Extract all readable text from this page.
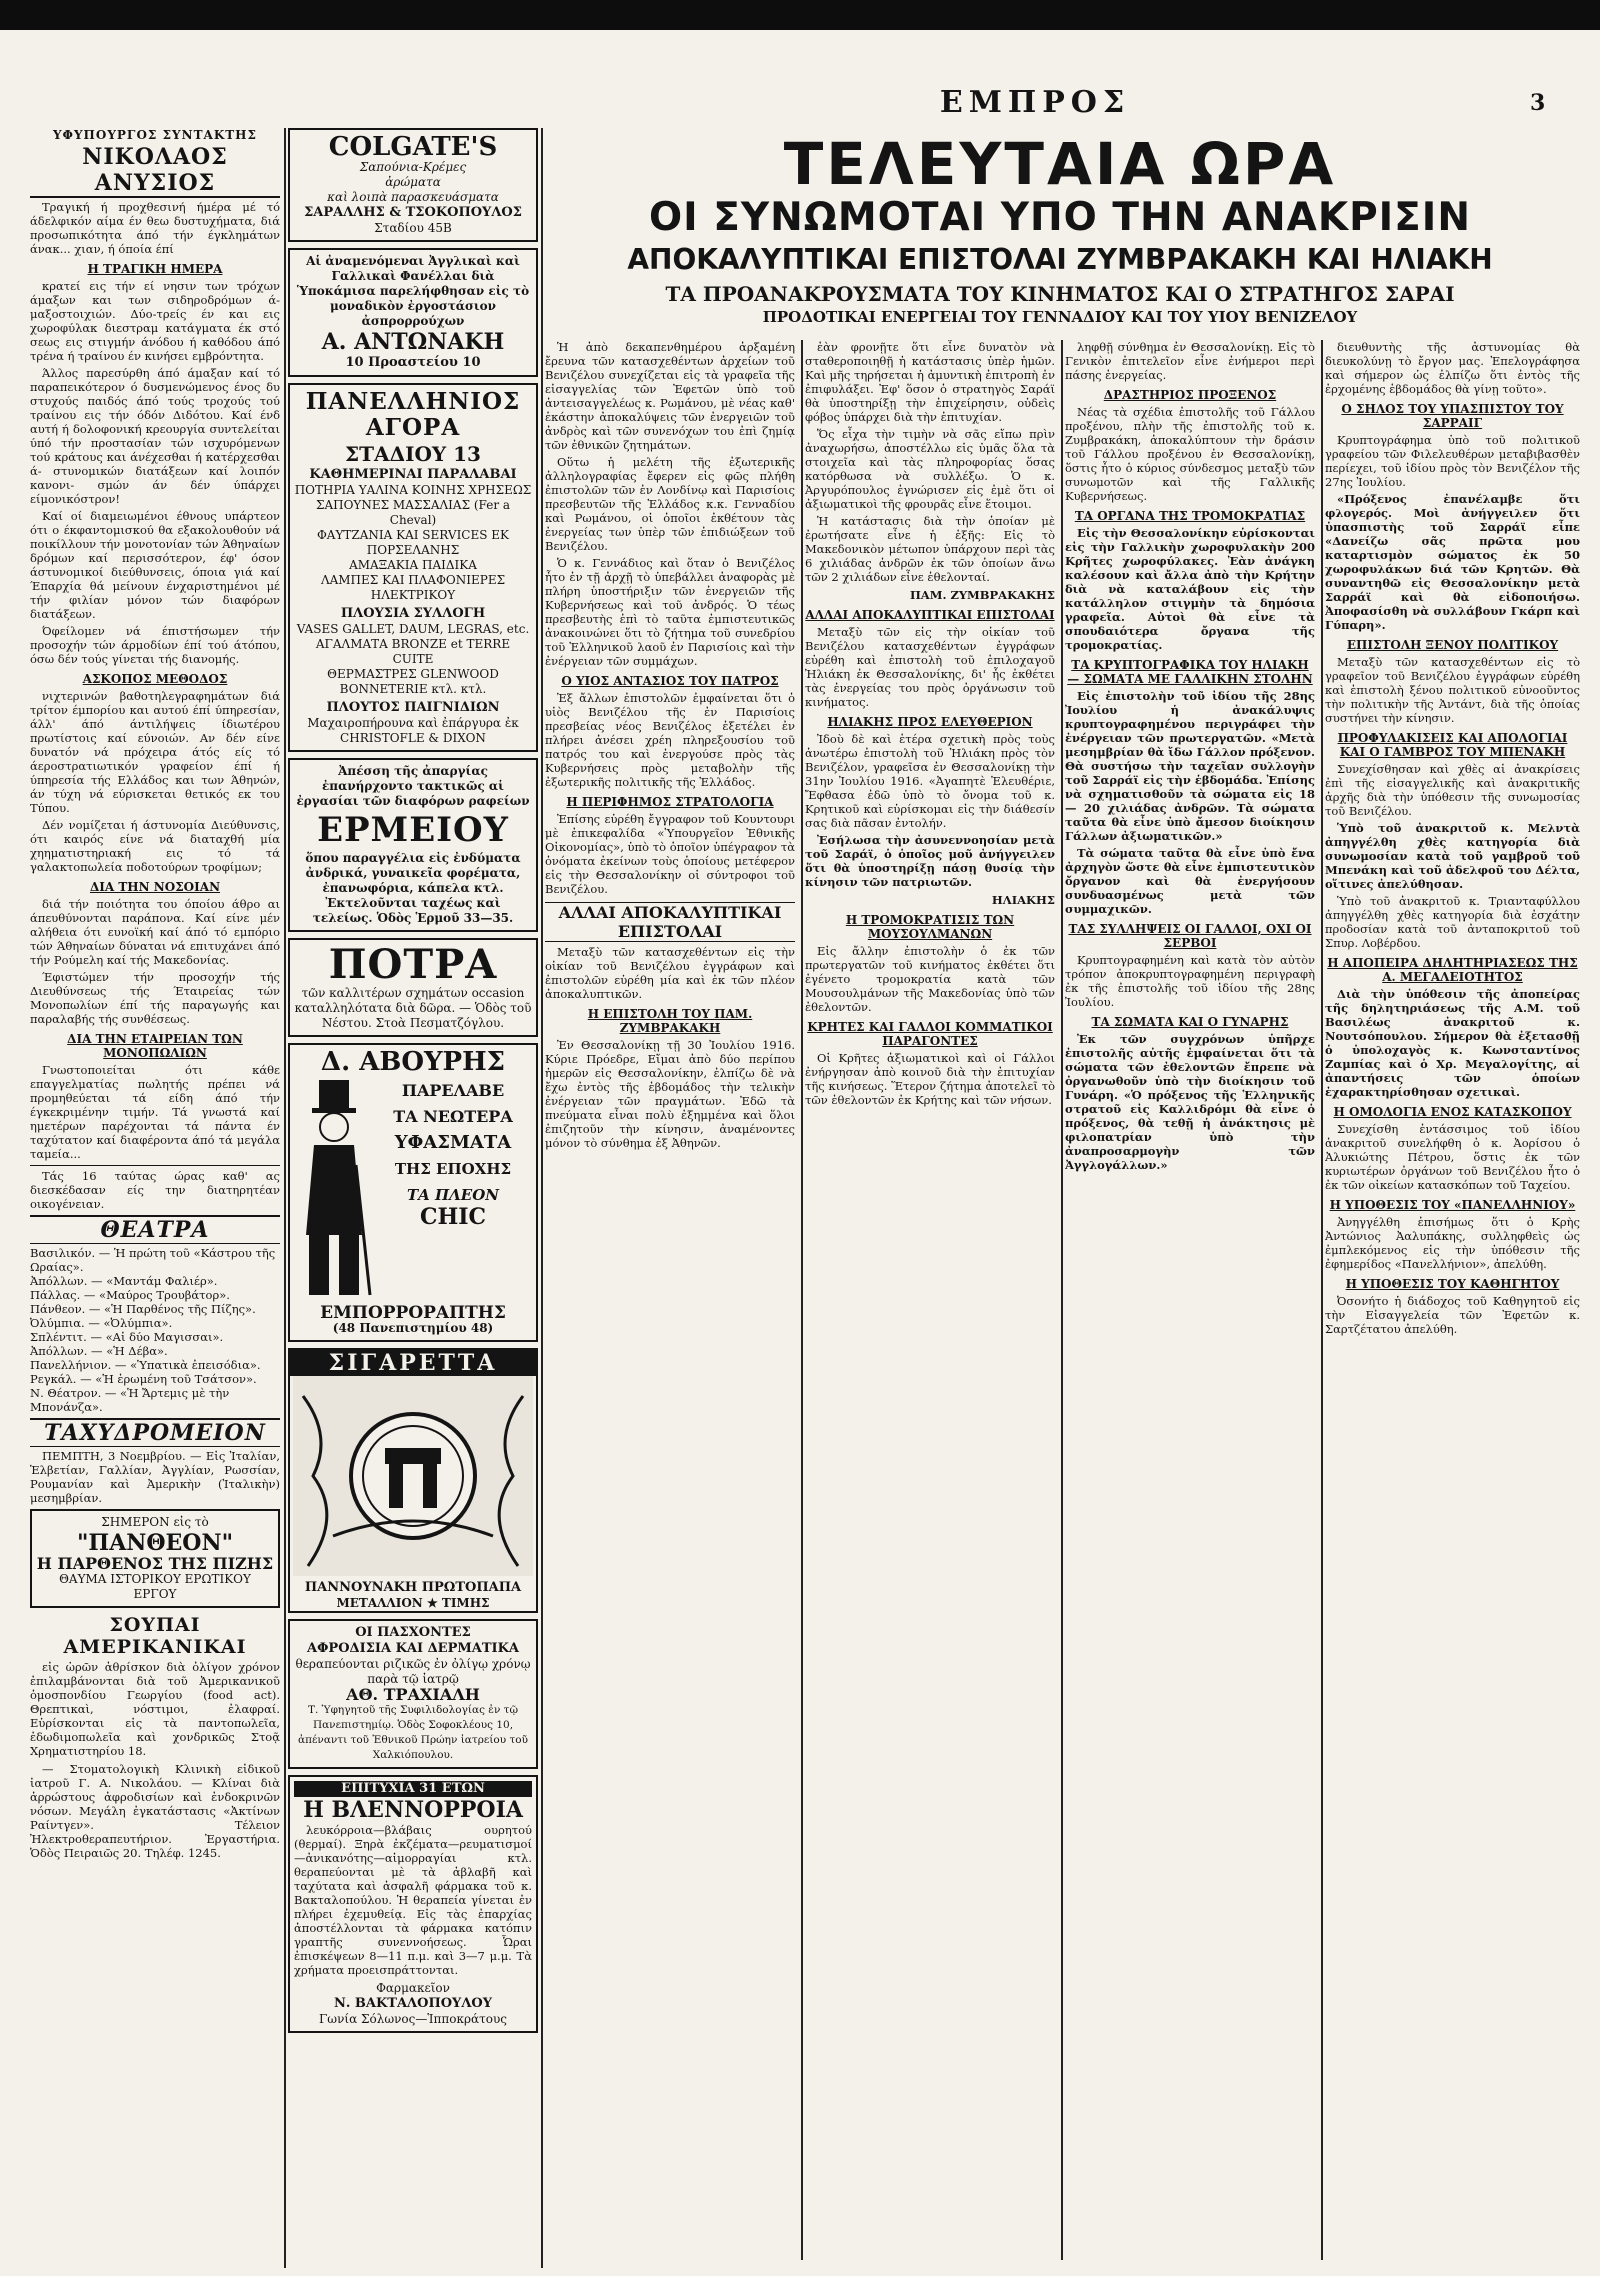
ΕΜΠΡΟΣ	3
ΥΦΥΠΟΥΡΓΟΣ ΣΥΝΤΑΚΤΗΣ
ΝΙΚΟΛΑΟΣ ΑΝΥΣΙΟΣ

Τραγική ή προχθεσινή ήμέρα μέ τό άδελφικόν αίμα έν θεω δυστυχήματα, διά προσωπικότητα άπό τήν έγκλημάτων άνακ... χιαν, ή όποία έπί

Η ΤΡΑΓΙΚΗ ΗΜΕΡΑ

κρατεί εις τήν εί νησιν των τρόχων άμαξων και των σιδηροδρόμων ά- μαξοστοιχιών. Δύο-τρείς έν και εις χωροφύλακ διεστραμ κατάγματα έκ στό σεως εις στιγμήν άνόδου ή καθόδου άπό τρένα ή τραίνου έν κινήσει εμβρόντητα.

Άλλος παρεσύρθη άπό άμαξαν καί τό παραπεικότερον ό δυσμενώμενος ένος δυ στυχούς παιδός άπό τούς τροχούς τού τραίνου εις τήν όδόν Διδότου. Καί ένδ αυτή ή δολοφονική κρεουργία συντελείται ύπό τήν προστασίαν τών ισχυρόμενων τού κράτους και άνέχεσθαι ή κατέρχεσθαι ά- στυνομικών διατάξεων καί λοιπόν κανονι- σμών άν δέν ύπάρχει είμονικόστρον!

Καί οί διαμειωμένοι έθνους υπάρτεον ότι ο έκφαντομισκού θα εξακολουθούν νά ποικίλλουν τήν μονοτονίαν τών Άθηναίων δρόμων καί περισσότερον, έφ' όσον άστυνομικοί διεύθυνσεις, όποια γιά καί Έπαρχία θά μείνουν ένχαριστημένοι μέ τήν φιλίαν μόνον τών διαφόρων διατάξεων.

Όφείλομεν νά έπιστήσωμεν τήν προσοχήν τών άρμοδίων έπί τού άτόπου, όσω δέν τούς γίνεται τής διανομής.

ΑΣΚΟΠΟΣ ΜΕΘΟΔΟΣ

νιχτερινών βαθοτηλεγραφημάτων διά τρίτον έμπορίου και αυτού έπί ύπηρεσίαν, άλλ' άπό άντιλήψεις ίδιωτέρου πρωτίστοις καί εύνοιών. Αν δέν είνε δυνατόν νά πρόχειρα άτός είς τό άεροστρατιωτικόν γραφείον έπί ή ύπηρεσία τής Ελλάδος και των Άθηνών, άν τύχη νά εύρισκεται θετικός εκ του Τύπου.

Δέν νομίζεται ή άστυνομία Διεύθυνσις, ότι καιρός είνε νά διαταχθή μία χηηματιστηριακή εις τό τά γαλακτοπωλεία ποδοτούρων τροφίμων;

ΔΙΑ ΤΗΝ ΝΟΣΟΙΑΝ

διά τήν ποιότητα του όποίου άθρο αι άπευθύνονται παράπονα. Καί είνε μέν αλήθεια ότι ευνοϊκή καί άπό τό εμπόριο τών Άθηναίων δύναται νά επιτυχάνει άπό τήν Ρούμελη καί τής Μακεδονίας.

Έφιστώμεν τήν προσοχήν τής Διευθύνσεως τής Έταιρείας τών Μονοπωλίων έπί τής παραγωγής και παραλαβής τής συνθέσεως.

ΔΙΑ ΤΗΝ ΕΤΑΙΡΕΙΑΝ ΤΩΝ ΜΟΝΟΠΩΛΙΩΝ

Γνωστοποιείται ότι κάθε επαγγελματίας πωλητής πρέπει νά προμηθεύεται τά είδη άπό τήν έγκεκριμένην τιμήν. Τά γνωστά καί ημετέρων παρέχονται τά πάντα έν ταχύτατον καί διαφέροντα άπό τά μεγάλα ταμεία...

Τάς 16 ταύτας ώρας καθ' ας διεσκέδασαν είς την διατηρητέαν οικογένειαν.

ΘΕΑΤΡΑ
Βασιλικόν. — Ἡ πρώτη τοῦ «Κάστρου τῆς Ωραίας».
Ἀπόλλων. — «Μαντάμ Φαλιέρ».
Πάλλας. — «Μαύρος Τρουβάτορ».
Πάνθεον. — «Ἡ Παρθένος τῆς Πίζης».
Ὀλύμπια. — «Ὀλύμπια».
Σπλέντιτ. — «Αἱ δύο Μαγισσαι».
Ἀπόλλων. — «Ἡ Δέβα».
Πανελλήνιον. — «Ὑπατικὰ ἐπεισόδια».
Ρεγκάλ. — «Ἡ ἐρωμένη τοῦ Τσάτσον».
Ν. Θέατρον. — «Ἡ Ἄρτεμις μὲ τὴν Μπονάνζα».
ΤΑΧΥΔΡΟΜΕΙΟΝ

ΠΕΜΠΤΗ, 3 Νοεμβρίου. — Εἰς Ἰταλίαν, Ἑλβετίαν, Γαλλίαν, Ἀγγλίαν, Ρωσσίαν, Ρουμανίαν καὶ Ἀμερικὴν (Ἰταλικὴν) μεσημβρίαν.

ΣΗΜΕΡΟΝ εἰς τὸ
"ΠΑΝΘΕΟΝ"
Η ΠΑΡΘΕΝΟΣ ΤΗΣ ΠΙΖΗΣ
ΘΑΥΜΑ ΙΣΤΟΡΙΚΟΥ ΕΡΩΤΙΚΟΥ ΕΡΓΟΥ
ΣΟΥΠΑΙ ΑΜΕΡΙΚΑΝΙΚΑΙ

εἰς ὠρῶν ἀθρίσκον διὰ ὀλίγον χρόνον ἐπιλαμβάνονται διὰ τοῦ Ἀμερικανικοῦ ὁμοσπονδίου Γεωργίου (food act). Θρεπτικαὶ, νόστιμοι, ἐλαφραί. Εὑρίσκονται εἰς τὰ παντοπωλεῖα, ἐδωδιμοπωλεῖα καὶ χονδρικῶς Στοᾷ Χρηματιστηρίου 18.

— Στοματολογικὴ Κλινικὴ εἰδικοῦ ἰατροῦ Γ. Α. Νικολάου. — Κλίναι διὰ ἀρρώστους ἀφροδισίων καὶ ἐνδοκρινῶν νόσων. Μεγάλη ἐγκατάστασις «Ἀκτίνων Ραίντγεν». Τέλειον Ἠλεκτροθεραπευτήριον. Ἐργαστήρια. Ὁδὸς Πειραιῶς 20. Τηλέφ. 1245.

COLGATE'S
Σαπούνια-Κρέμες
ἀρώματα
καὶ λοιπὰ παρασκευάσματα
ΣΑΡΑΛΛΗΣ & ΤΣΟΚΟΠΟΥΛΟΣ
Σταδίου 45Β
Αἱ ἀναμενόμεναι Ἀγγλικαὶ καὶ Γαλλικαὶ Φανέλλαι διὰ Ὑποκάμισα παρελήφθησαν εἰς τὸ μοναδικὸν ἐργοστάσιον ἀσπρορρούχων
Α. ΑΝΤΩΝΑΚΗ
10 Προαστείου 10
ΠΑΝΕΛΛΗΝΙΟΣ ΑΓΟΡΑ
ΣΤΑΔΙΟΥ 13
ΚΑΘΗΜΕΡΙΝΑΙ ΠΑΡΑΛΑΒΑΙ
ΠΟΤΗΡΙΑ ΥΑΛΙΝΑ ΚΟΙΝΗΣ ΧΡΗΣΕΩΣ
ΣΑΠΟΥΝΕΣ ΜΑΣΣΑΛΙΑΣ (Fer a Cheval)
ΦΑΥΤΖΑΝΙΑ ΚΑΙ SERVICES ΕΚ ΠΟΡΣΕΛΑΝΗΣ
ΑΜΑΞΑΚΙΑ ΠΑΙΔΙΚΑ
ΛΑΜΠΕΣ ΚΑΙ ΠΛΑΦΟΝΙΕΡΕΣ ΗΛΕΚΤΡΙΚΟΥ
ΠΛΟΥΣΙΑ ΣΥΛΛΟΓΗ
VASES GALLET, DAUM, LEGRAS, etc.
ΑΓΑΛΜΑΤΑ BRONZE et TERRE CUITE
ΘΕΡΜΑΣΤΡΕΣ GLENWOOD
BONNETERIE κτλ. κτλ.
ΠΛΟΥΤΟΣ ΠΑΙΓΝΙΔΙΩΝ
Μαχαιροπήρουνα καὶ ἐπάργυρα ἐκ CHRISTOFLE & DIXON
Ἀπέσση τῆς ἀπαργίας ἐπανήρχοντο τακτικῶς αἱ ἐργασίαι τῶν διαφόρων ραφείων
ΕΡΜΕΙΟΥ
ὅπου παραγγέλια εἰς ἐνδύματα ἀνδρικά, γυναικεῖα φορέματα, ἐπανωφόρια, κάπελα κτλ. Ἐκτελοῦνται ταχέως καὶ τελείως. Ὁδὸς Ἑρμοῦ 33—35.
ΠΟΤΡΑ
τῶν καλλιτέρων σχημάτων occasion καταλληλότατα διὰ δῶρα. — Ὁδὸς τοῦ Νέστου. Στοὰ Πεσματζόγλου.
Δ. ΑΒΟΥΡΗΣ
ΠΑΡΕΛΑΒΕ
ΤΑ ΝΕΩΤΕΡΑ
ΥΦΑΣΜΑΤΑ
ΤΗΣ ΕΠΟΧΗΣ
ΤΑ ΠΛΕΟΝ
CHIC
ΕΜΠΟΡΡΟΡΑΠΤΗΣ
(48 Πανεπιστημίου 48)
ΣΙΓΑΡΕΤΤΑ
ΠΑΝΝΟΥΝΑΚΗ ΠΡΩΤΟΠΑΠΑ
ΜΕΤΑΛΛΙΟΝ ★ ΤΙΜΗΣ
ΟΙ ΠΑΣΧΟΝΤΕΣ
ΑΦΡΟΔΙΣΙΑ ΚΑΙ ΔΕΡΜΑΤΙΚΑ
θεραπεύονται ριζικῶς ἐν ὀλίγῳ χρόνῳ παρὰ τῷ ἰατρῷ
ΑΘ. ΤΡΑΧΙΑΛΗ
Τ. Ὑφηγητοῦ τῆς Συφιλιδολογίας ἐν τῷ Πανεπιστημίῳ. Ὁδὸς Σοφοκλέους 10, ἀπέναντι τοῦ Ἐθνικοῦ Πρώην ἰατρείου τοῦ Χαλκιόπουλου.
ΕΠΙΤΥΧΙΑ 31 ΕΤΩΝ
Η ΒΛΕΝΝΟΡΡΟΙΑ

λευκόρροια—βλάβαις ουρητού (θερμαί). Ξηρὰ ἐκζέματα—ρευματισμοί—ἀνικανότης—αἱμορραγίαι κτλ. θεραπεύονται μὲ τὰ ἀβλαβῆ καὶ ταχύτατα καὶ ἀσφαλῆ φάρμακα τοῦ κ. Βακταλοπούλου. Ἡ θεραπεία γίνεται ἐν πλήρει ἐχεμυθείᾳ. Εἰς τὰς ἐπαρχίας ἀποστέλλονται τὰ φάρμακα κατόπιν γραπτῆς συνεννοήσεως. Ὧραι ἐπισκέψεων 8—11 π.μ. καὶ 3—7 μ.μ. Τὰ χρήματα προεισπράττονται.

Φαρμακεῖον
Ν. ΒΑΚΤΑΛΟΠΟΥΛΟΥ
Γωνία Σόλωνος—Ἱπποκράτους
ΤΕΛΕΥΤΑΙΑ ΩΡΑ
ΟΙ ΣΥΝΩΜΟΤΑΙ ΥΠΟ ΤΗΝ ΑΝΑΚΡΙΣΙΝ
ΑΠΟΚΑΛΥΠΤΙΚΑΙ ΕΠΙΣΤΟΛΑΙ ΖΥΜΒΡΑΚΑΚΗ ΚΑΙ ΗΛΙΑΚΗ
ΤΑ ΠΡΟΑΝΑΚΡΟΥΣΜΑΤΑ ΤΟΥ ΚΙΝΗΜΑΤΟΣ ΚΑΙ Ο ΣΤΡΑΤΗΓΟΣ ΣΑΡΑΙ
ΠΡΟΔΟΤΙΚΑΙ ΕΝΕΡΓΕΙΑΙ ΤΟΥ ΓΕΝΝΑΔΙΟΥ ΚΑΙ ΤΟΥ ΥΙΟΥ ΒΕΝΙΖΕΛΟΥ

Ἡ ἀπὸ δεκαπενθημέρου ἀρξαμένη ἔρευνα τῶν κατασχεθέντων ἀρχείων τοῦ Βενιζέλου συνεχίζεται εἰς τὰ γραφεῖα τῆς εἰσαγγελίας τῶν Ἐφετῶν ὑπὸ τοῦ ἀντεισαγγελέως κ. Ρωμάνου, μὲ νέας καθ' ἑκάστην ἀποκαλύψεις τῶν ἐνεργειῶν τοῦ ἀνδρὸς καὶ τῶν συνενόχων του ἐπὶ ζημίᾳ τῶν ἐθνικῶν ζητημάτων.

Οὕτω ἡ μελέτη τῆς ἐξωτερικῆς ἀλληλογραφίας ἔφερεν εἰς φῶς πλήθη ἐπιστολῶν τῶν ἐν Λονδίνῳ καὶ Παρισίοις πρεσβευτῶν τῆς Ἑλλάδος κ.κ. Γενναδίου καὶ Ρωμάνου, οἱ ὁποῖοι ἐκθέτουν τὰς ἐνεργείας των ὑπὲρ τῶν ἐπιδιώξεων τοῦ Βενιζέλου.

Ὁ κ. Γεννάδιος καὶ ὅταν ὁ Βενιζέλος ἦτο ἐν τῇ ἀρχῇ τὸ ὑπεβάλλει ἀναφορὰς μὲ πλήρη ὑποστήριξιν τῶν ἐνεργειῶν τῆς Κυβερνήσεως καὶ τοῦ ἀνδρός. Ὁ τέως πρεσβευτὴς ἐπὶ τὸ ταῦτα ἐμπιστευτικῶς ἀνακοινώνει ὅτι τὸ ζήτημα τοῦ συνεδρίου τοῦ Ἑλληνικοῦ λαοῦ ἐν Παρισίοις καὶ τὴν ἐνέργειαν τῶν συμμάχων.

Ο ΥΙΟΣ ΑΝΤΑΣΙΟΣ ΤΟΥ ΠΑΤΡΟΣ

Ἐξ ἄλλων ἐπιστολῶν ἐμφαίνεται ὅτι ὁ υἱὸς Βενιζέλου τῆς ἐν Παρισίοις πρεσβείας νέος Βενιζέλος ἐξετέλει ἐν πλήρει ἀνέσει χρέη πληρεξουσίου τοῦ πατρός του καὶ ἐνεργούσε πρὸς τὰς Κυβερνήσεις πρὸς μεταβολὴν τῆς ἐξωτερικῆς πολιτικῆς τῆς Ἑλλάδος.

Η ΠΕΡΙΦΗΜΟΣ ΣΤΡΑΤΟΛΟΓΙΑ

Ἐπίσης εὑρέθη ἔγγραφον τοῦ Κουντουρι μὲ ἐπικεφαλίδα «Ὑπουργεῖον Ἐθνικῆς Οἰκονομίας», ὑπὸ τὸ ὁποῖον ὑπέγραφον τὰ ὀνόματα ἐκείνων τοὺς ὁποίους μετέφερον εἰς τὴν Θεσσαλονίκην οἱ σύντροφοι τοῦ Βενιζέλου.

ΑΛΛΑΙ ΑΠΟΚΑΛΥΠΤΙΚΑΙ ΕΠΙΣΤΟΛΑΙ

Μεταξὺ τῶν κατασχεθέντων εἰς τὴν οἰκίαν τοῦ Βενιζέλου ἐγγράφων καὶ ἐπιστολῶν εὑρέθη μία καὶ ἐκ τῶν πλέον ἀποκαλυπτικῶν.

Η ΕΠΙΣΤΟΛΗ ΤΟΥ ΠΑΜ. ΖΥΜΒΡΑΚΑΚΗ

Ἐν Θεσσαλονίκῃ τῇ 30 Ἰουλίου 1916. Κύριε Πρόεδρε, Εἴμαι ἀπὸ δύο περίπου ἡμερῶν εἰς Θεσσαλονίκην, ἐλπίζω δὲ νὰ ἔχω ἐντὸς τῆς ἑβδομάδος τὴν τελικὴν ἐνέργειαν τῶν πραγμάτων. Ἐδῶ τὰ πνεύματα εἶναι πολὺ ἐξημμένα καὶ ὅλοι ἐπιζητοῦν τὴν κίνησιν, ἀναμένοντες μόνον τὸ σύνθημα ἐξ Ἀθηνῶν.

ἐὰν φρονῇτε ὅτι εἶνε δυνατὸν νὰ σταθεροποιηθῇ ἡ κατάστασις ὑπὲρ ἡμῶν. Καὶ μῆς τηρήσεται ἡ ἀμυντικὴ ἐπιτροπὴ ἐν ἐπιφυλάξει. Ἐφ' ὅσον ὁ στρατηγὸς Σαράϊ θὰ ὑποστηρίξῃ τὴν ἐπιχείρησιν, οὐδεὶς φόβος ὑπάρχει διὰ τὴν ἐπιτυχίαν.

Ὅς εἶχα τὴν τιμὴν νὰ σᾶς εἴπω πρὶν ἀναχωρήσω, ἀποστέλλω εἰς ὑμᾶς ὅλα τὰ στοιχεῖα καὶ τὰς πληροφορίας ὅσας κατόρθωσα νὰ συλλέξω. Ὁ κ. Ἀργυρόπουλος ἐγνώρισεν εἰς ἐμὲ ὅτι οἱ ἀξιωματικοὶ τῆς φρουρᾶς εἶνε ἕτοιμοι.

Ἡ κατάστασις διὰ τὴν ὁποίαν μὲ ἐρωτήσατε εἶνε ἡ ἑξῆς: Εἰς τὸ Μακεδονικὸν μέτωπον ὑπάρχουν περὶ τὰς 6 χιλιάδας ἀνδρῶν ἐκ τῶν ὁποίων ἄνω τῶν 2 χιλιάδων εἶνε ἐθελονταί.

ΠΑΜ. ΖΥΜΒΡΑΚΑΚΗΣ
ΑΛΛΑΙ ΑΠΟΚΑΛΥΠΤΙΚΑΙ ΕΠΙΣΤΟΛΑΙ

Μεταξὺ τῶν εἰς τὴν οἰκίαν τοῦ Βενιζέλου κατασχεθέντων ἐγγράφων εὑρέθη καὶ ἐπιστολὴ τοῦ ἐπιλοχαγοῦ Ἠλιάκη ἐκ Θεσσαλονίκης, δι' ἧς ἐκθέτει τὰς ἐνεργείας του πρὸς ὀργάνωσιν τοῦ κινήματος.

ΗΛΙΑΚΗΣ ΠΡΟΣ ΕΛΕΥΘΕΡΙΟΝ

Ἰδοὺ δὲ καὶ ἑτέρα σχετικὴ πρὸς τοὺς ἀνωτέρω ἐπιστολὴ τοῦ Ἠλιάκη πρὸς τὸν Βενιζέλον, γραφεῖσα ἐν Θεσσαλονίκῃ τὴν 31ην Ἰουλίου 1916. «Ἀγαπητὲ Ἐλευθέριε, Ἔφθασα ἐδῶ ὑπὸ τὸ ὄνομα τοῦ κ. Κρητικοῦ καὶ εὑρίσκομαι εἰς τὴν διάθεσίν σας διὰ πᾶσαν ἐντολήν.

Ἐσήλωσα τὴν ἀσυνεννοησίαν μετὰ τοῦ Σαράϊ, ὁ ὁποῖος μοῦ ἀνήγγειλεν ὅτι θὰ ὑποστηρίξῃ πάσῃ θυσίᾳ τὴν κίνησιν τῶν πατριωτῶν.

ΗΛΙΑΚΗΣ
Η ΤΡΟΜΟΚΡΑΤΙΣΙΣ ΤΩΝ ΜΟΥΣΟΥΛΜΑΝΩΝ

Εἰς ἄλλην ἐπιστολὴν ὁ ἐκ τῶν πρωτεργατῶν τοῦ κινήματος ἐκθέτει ὅτι ἐγένετο τρομοκρατία κατὰ τῶν Μουσουλμάνων τῆς Μακεδονίας ὑπὸ τῶν ἐθελοντῶν.

ΚΡΗΤΕΣ ΚΑΙ ΓΑΛΛΟΙ ΚΟΜΜΑΤΙΚΟΙ ΠΑΡΑΓΟΝΤΕΣ

Οἱ Κρῆτες ἀξιωματικοὶ καὶ οἱ Γάλλοι ἐνήργησαν ἀπὸ κοινοῦ διὰ τὴν ἐπιτυχίαν τῆς κινήσεως. Ἕτερον ζήτημα ἀποτελεῖ τὸ τῶν ἐθελοντῶν ἐκ Κρήτης καὶ τῶν νήσων.

ληφθῇ σύνθημα ἐν Θεσσαλονίκῃ. Εἰς τὸ Γενικὸν ἐπιτελεῖον εἶνε ἐνήμεροι περὶ πάσης ἐνεργείας.

ΔΡΑΣΤΗΡΙΟΣ ΠΡΟΞΕΝΟΣ

Νέας τὰ σχέδια ἐπιστολῆς τοῦ Γάλλου προξένου, πλὴν τῆς ἐπιστολῆς τοῦ κ. Ζυμβρακάκη, ἀποκαλύπτουν τὴν δράσιν τοῦ Γάλλου προξένου ἐν Θεσσαλονίκῃ, ὅστις ἦτο ὁ κύριος σύνδεσμος μεταξὺ τῶν συνωμοτῶν καὶ τῆς Γαλλικῆς Κυβερνήσεως.

ΤΑ ΟΡΓΑΝΑ ΤΗΣ ΤΡΟΜΟΚΡΑΤΙΑΣ

Εἰς τὴν Θεσσαλονίκην εὑρίσκονται εἰς τὴν Γαλλικὴν χωροφυλακὴν 200 Κρῆτες χωροφύλακες. Ἐὰν ἀνάγκη καλέσουν καὶ ἄλλα ἀπὸ τὴν Κρήτην διὰ νὰ καταλάβουν εἰς τὴν κατάλληλον στιγμὴν τὰ δημόσια γραφεῖα. Αὐτοὶ θὰ εἶνε τὰ σπουδαιότερα ὄργανα τῆς τρομοκρατίας.

ΤΑ ΚΡΥΠΤΟΓΡΑΦΙΚΑ ΤΟΥ ΗΛΙΑΚΗ — ΣΩΜΑΤΑ ΜΕ ΓΑΛΛΙΚΗΝ ΣΤΟΛΗΝ

Εἰς ἐπιστολὴν τοῦ ἰδίου τῆς 28ης Ἰουλίου ἡ ἀνακάλυψις κρυπτογραφημένου περιγράφει τὴν ἐνέργειαν τῶν πρωτεργατῶν. «Μετὰ μεσημβρίαν θὰ ἴδω Γάλλον πρόξενον. Θὰ συστήσω τὴν ταχεῖαν συλλογὴν τοῦ Σαρράϊ εἰς τὴν ἑβδομάδα. Ἐπίσης νὰ σχηματισθοῦν τὰ σώματα εἰς 18 — 20 χιλιάδας ἀνδρῶν. Τὰ σώματα ταῦτα θὰ εἶνε ὑπὸ ἄμεσον διοίκησιν Γάλλων ἀξιωματικῶν.»

Τὰ σώματα ταῦτα θὰ εἶνε ὑπὸ ἔνα ἀρχηγὸν ὥστε θὰ εἶνε ἐμπιστευτικὸν ὄργανον καὶ θὰ ἐνεργήσουν συνδυασμένως μετὰ τῶν συμμαχικῶν.

ΤΑΣ ΣΥΛΛΗΨΕΙΣ ΟΙ ΓΑΛΛΟΙ, ΟΧΙ ΟΙ ΣΕΡΒΟΙ

Κρυπτογραφημένη καὶ κατὰ τὸν αὐτὸν τρόπον ἀποκρυπτογραφημένη περιγραφὴ ἐκ τῆς ἐπιστολῆς τοῦ ἰδίου τῆς 28ης Ἰουλίου.

ΤΑ ΣΩΜΑΤΑ ΚΑΙ Ο ΓΥΝΑΡΗΣ

Ἐκ τῶν συγχρόνων ὑπῆρχε ἐπιστολῆς αὐτῆς ἐμφαίνεται ὅτι τὰ σώματα τῶν ἐθελοντῶν ἔπρεπε νὰ ὀργανωθοῦν ὑπὸ τὴν διοίκησιν τοῦ Γυνάρη. «Ὁ πρόξενος τῆς Ἑλληνικῆς στρατοῦ εἰς Καλλιδρόμι θὰ εἶνε ὁ πρόξενος, θὰ τεθῇ ἡ ἀνάκτησις μὲ φιλοπατρίαν ὑπὸ τὴν ἀναπροσαρμογὴν τῶν Ἀγγλογάλλων.»

διευθυντὴς τῆς ἀστυνομίας θὰ διευκολύνῃ τὸ ἔργον μας. Ἐπελογράφησα καὶ σήμερον ὡς ἐλπίζω ὅτι ἐντὸς τῆς ἐρχομένης ἑβδομάδος θὰ γίνῃ τοῦτο».

Ο ΣΗΛΟΣ ΤΟΥ ΥΠΑΣΠΙΣΤΟΥ ΤΟΥ ΣΑΡΡΑΙΓ

Κρυπτογράφημα ὑπὸ τοῦ πολιτικοῦ γραφείου τῶν Φιλελευθέρων μεταβιβασθὲν περίεχει, τοῦ ἰδίου πρὸς τὸν Βενιζέλον τῆς 27ης Ἰουλίου.

«Πρόξενος ἐπανέλαμβε ὅτι φλογερός. Μοὶ ἀνήγγειλεν ὅτι ὑπασπιστὴς τοῦ Σαρράϊ εἶπε «Δανείζω σᾶς πρῶτα μου καταρτισμὸν σώματος ἐκ 50 χωροφυλάκων διά τῶν Κρητῶν. Θὰ συναντηθῶ εἰς Θεσσαλονίκην μετὰ Σαρράϊ καὶ θὰ εἰδοποιήσω. Ἀποφασίσθη νὰ συλλάβουν Γκάρπ καὶ Γύπαρη».

ΕΠΙΣΤΟΛΗ ΞΕΝΟΥ ΠΟΛΙΤΙΚΟΥ

Μεταξὺ τῶν κατασχεθέντων εἰς τὸ γραφεῖον τοῦ Βενιζέλου ἐγγράφων εὑρέθη καὶ ἐπιστολὴ ξένου πολιτικοῦ εὐνοοῦντος τὴν πολιτικὴν τῆς Ἀντάντ, διὰ τῆς ὁποίας συστήνει τὴν κίνησιν.

ΠΡΟΦΥΛΑΚΙΣΕΙΣ ΚΑΙ ΑΠΟΛΟΓΙΑΙ ΚΑΙ Ο ΓΑΜΒΡΟΣ ΤΟΥ ΜΠΕΝΑΚΗ

Συνεχίσθησαν καὶ χθὲς αἱ ἀνακρίσεις ἐπὶ τῆς εἰσαγγελικῆς καὶ ἀνακριτικῆς ἀρχῆς διὰ τὴν ὑπόθεσιν τῆς συνωμοσίας τοῦ Βενιζέλου.

Ὑπὸ τοῦ ἀνακριτοῦ κ. Μελντὰ ἀπηγγέλθη χθὲς κατηγορία διὰ συνωμοσίαν κατὰ τοῦ γαμβροῦ τοῦ Μπενάκη καὶ τοῦ ἀδελφοῦ του Δέλτα, οἵτινες ἀπελύθησαν.

Ὑπὸ τοῦ ἀνακριτοῦ κ. Τριανταφύλλου ἀπηγγέλθη χθὲς κατηγορία διὰ ἐσχάτην προδοσίαν κατὰ τοῦ ἀνταποκριτοῦ τοῦ Σπυρ. Λοβέρδου.

Η ΑΠΟΠΕΙΡΑ ΔΗΛΗΤΗΡΙΑΣΕΩΣ ΤΗΣ Α. ΜΕΓΑΛΕΙΟΤΗΤΟΣ

Διὰ τὴν ὑπόθεσιν τῆς ἀποπείρας τῆς δηλητηριάσεως τῆς Α.Μ. τοῦ Βασιλέως ἀνακριτοῦ κ. Νουτσόπουλου. Σήμερον θὰ ἐξετασθῇ ὁ ὑπολοχαγὸς κ. Κωνσταντίνος Ζαμπίας καὶ ὁ Χρ. Μεγαλογίτης, αἱ ἀπαντήσεις τῶν ὁποίων ἐχαρακτηρίσθησαν σχετικαὶ.

Η ΟΜΟΛΟΓΙΑ ΕΝΟΣ ΚΑΤΑΣΚΟΠΟΥ

Συνεχίσθη ἐντάσσιμος τοῦ ἰδίου ἀνακριτοῦ συνελήφθη ὁ κ. Ἀορίσου ὁ Ἀλυκιώτης Πέτρου, ὅστις ἐκ τῶν κυριωτέρων ὀργάνων τοῦ Βενιζέλου ἦτο ὁ ἐκ τῶν οἰκείων κατασκόπων τοῦ Ταχείου.

Η ΥΠΟΘΕΣΙΣ ΤΟΥ «ΠΑΝΕΛΛΗΝΙΟΥ»

Ἀνηγγέλθη ἐπισήμως ὅτι ὁ Κρὴς Ἀντώνιος Ἀαλυπάκης, συλληφθεὶς ὡς ἐμπλεκόμενος εἰς τὴν ὑπόθεσιν τῆς ἐφημερίδος «Πανελλήνιον», ἀπελύθη.

Η ΥΠΟΘΕΣΙΣ ΤΟΥ ΚΑΘΗΓΗΤΟΥ

Ὀσονήτο ἡ διάδοχος τοῦ Καθηγητοῦ εἰς τὴν Εἰσαγγελεία τῶν Ἐφετῶν κ. Σαρτζέτατου ἀπελύθη.
